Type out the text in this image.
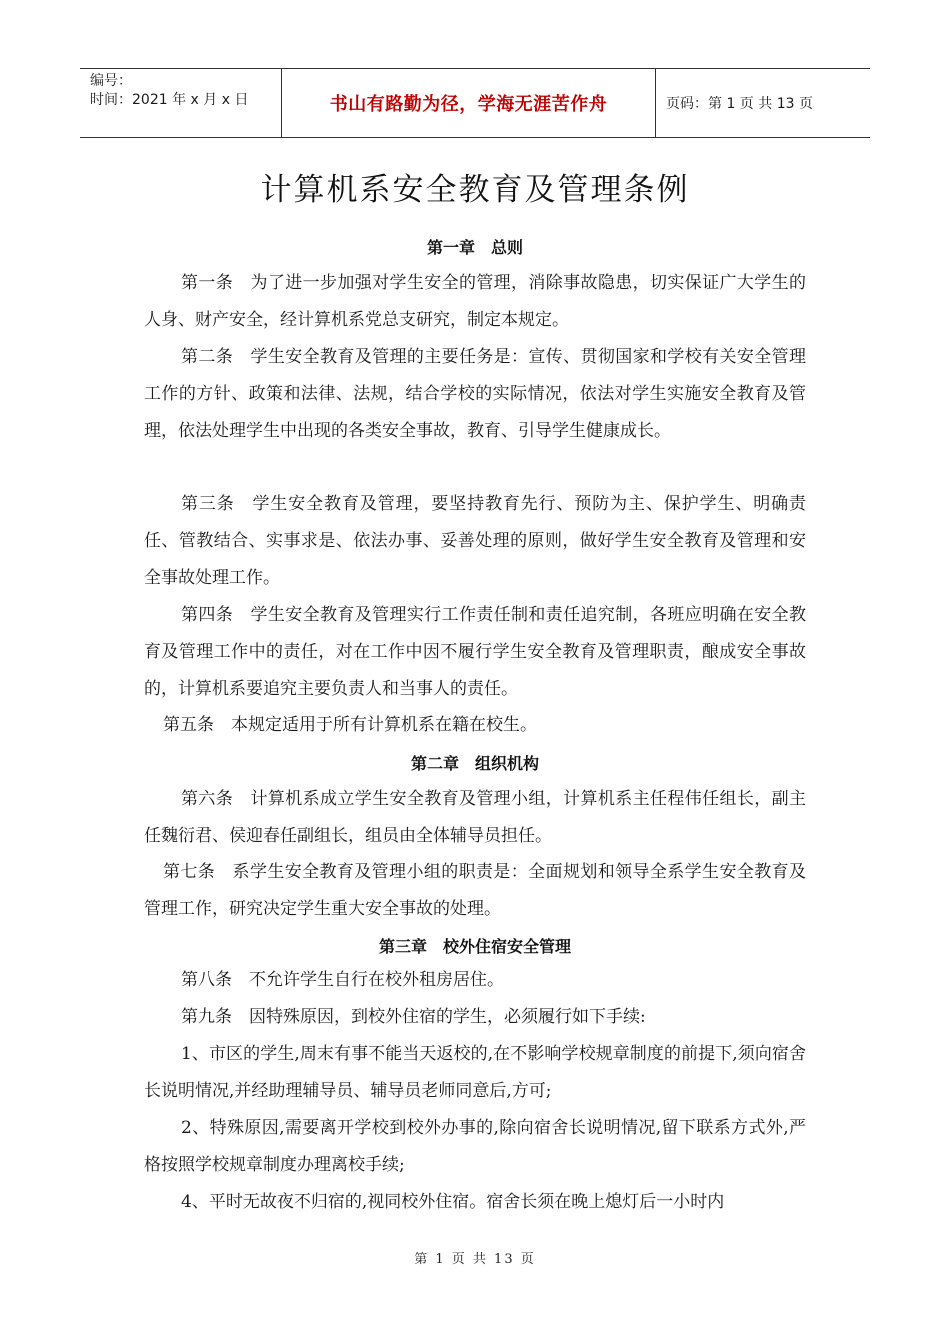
编号：
时间：2021 年 x 月 x 日	书山有路勤为径，学海无涯苦作舟	页码：第 1 页 共 13 页
计算机系安全教育及管理条例
第一章　总则
第一条　为了进一步加强对学生安全的管理，消除事故隐患，切实保证广大学生的人身、财产安全，经计算机系党总支研究，制定本规定。
第二条　学生安全教育及管理的主要任务是：宣传、贯彻国家和学校有关安全管理工作的方针、政策和法律、法规，结合学校的实际情况，依法对学生实施安全教育及管理，依法处理学生中出现的各类安全事故，教育、引导学生健康成长。
第三条　学生安全教育及管理，要坚持教育先行、预防为主、保护学生、明确责任、管教结合、实事求是、依法办事、妥善处理的原则，做好学生安全教育及管理和安全事故处理工作。
第四条　学生安全教育及管理实行工作责任制和责任追究制，各班应明确在安全教育及管理工作中的责任，对在工作中因不履行学生安全教育及管理职责，酿成安全事故的，计算机系要追究主要负责人和当事人的责任。
第五条　本规定适用于所有计算机系在籍在校生。
第二章　组织机构
第六条　计算机系成立学生安全教育及管理小组，计算机系主任程伟任组长，副主任魏衍君、侯迎春任副组长，组员由全体辅导员担任。
第七条　系学生安全教育及管理小组的职责是：全面规划和领导全系学生安全教育及管理工作，研究决定学生重大安全事故的处理。
第三章　校外住宿安全管理
第八条　不允许学生自行在校外租房居住。
第九条　因特殊原因，到校外住宿的学生，必须履行如下手续:
1、市区的学生,周末有事不能当天返校的,在不影响学校规章制度的前提下,须向宿舍长说明情况,并经助理辅导员、辅导员老师同意后,方可;
2、特殊原因,需要离开学校到校外办事的,除向宿舍长说明情况,留下联系方式外,严格按照学校规章制度办理离校手续;
4、平时无故夜不归宿的,视同校外住宿。宿舍长须在晚上熄灯后一小时内
第 1 页 共 13 页
